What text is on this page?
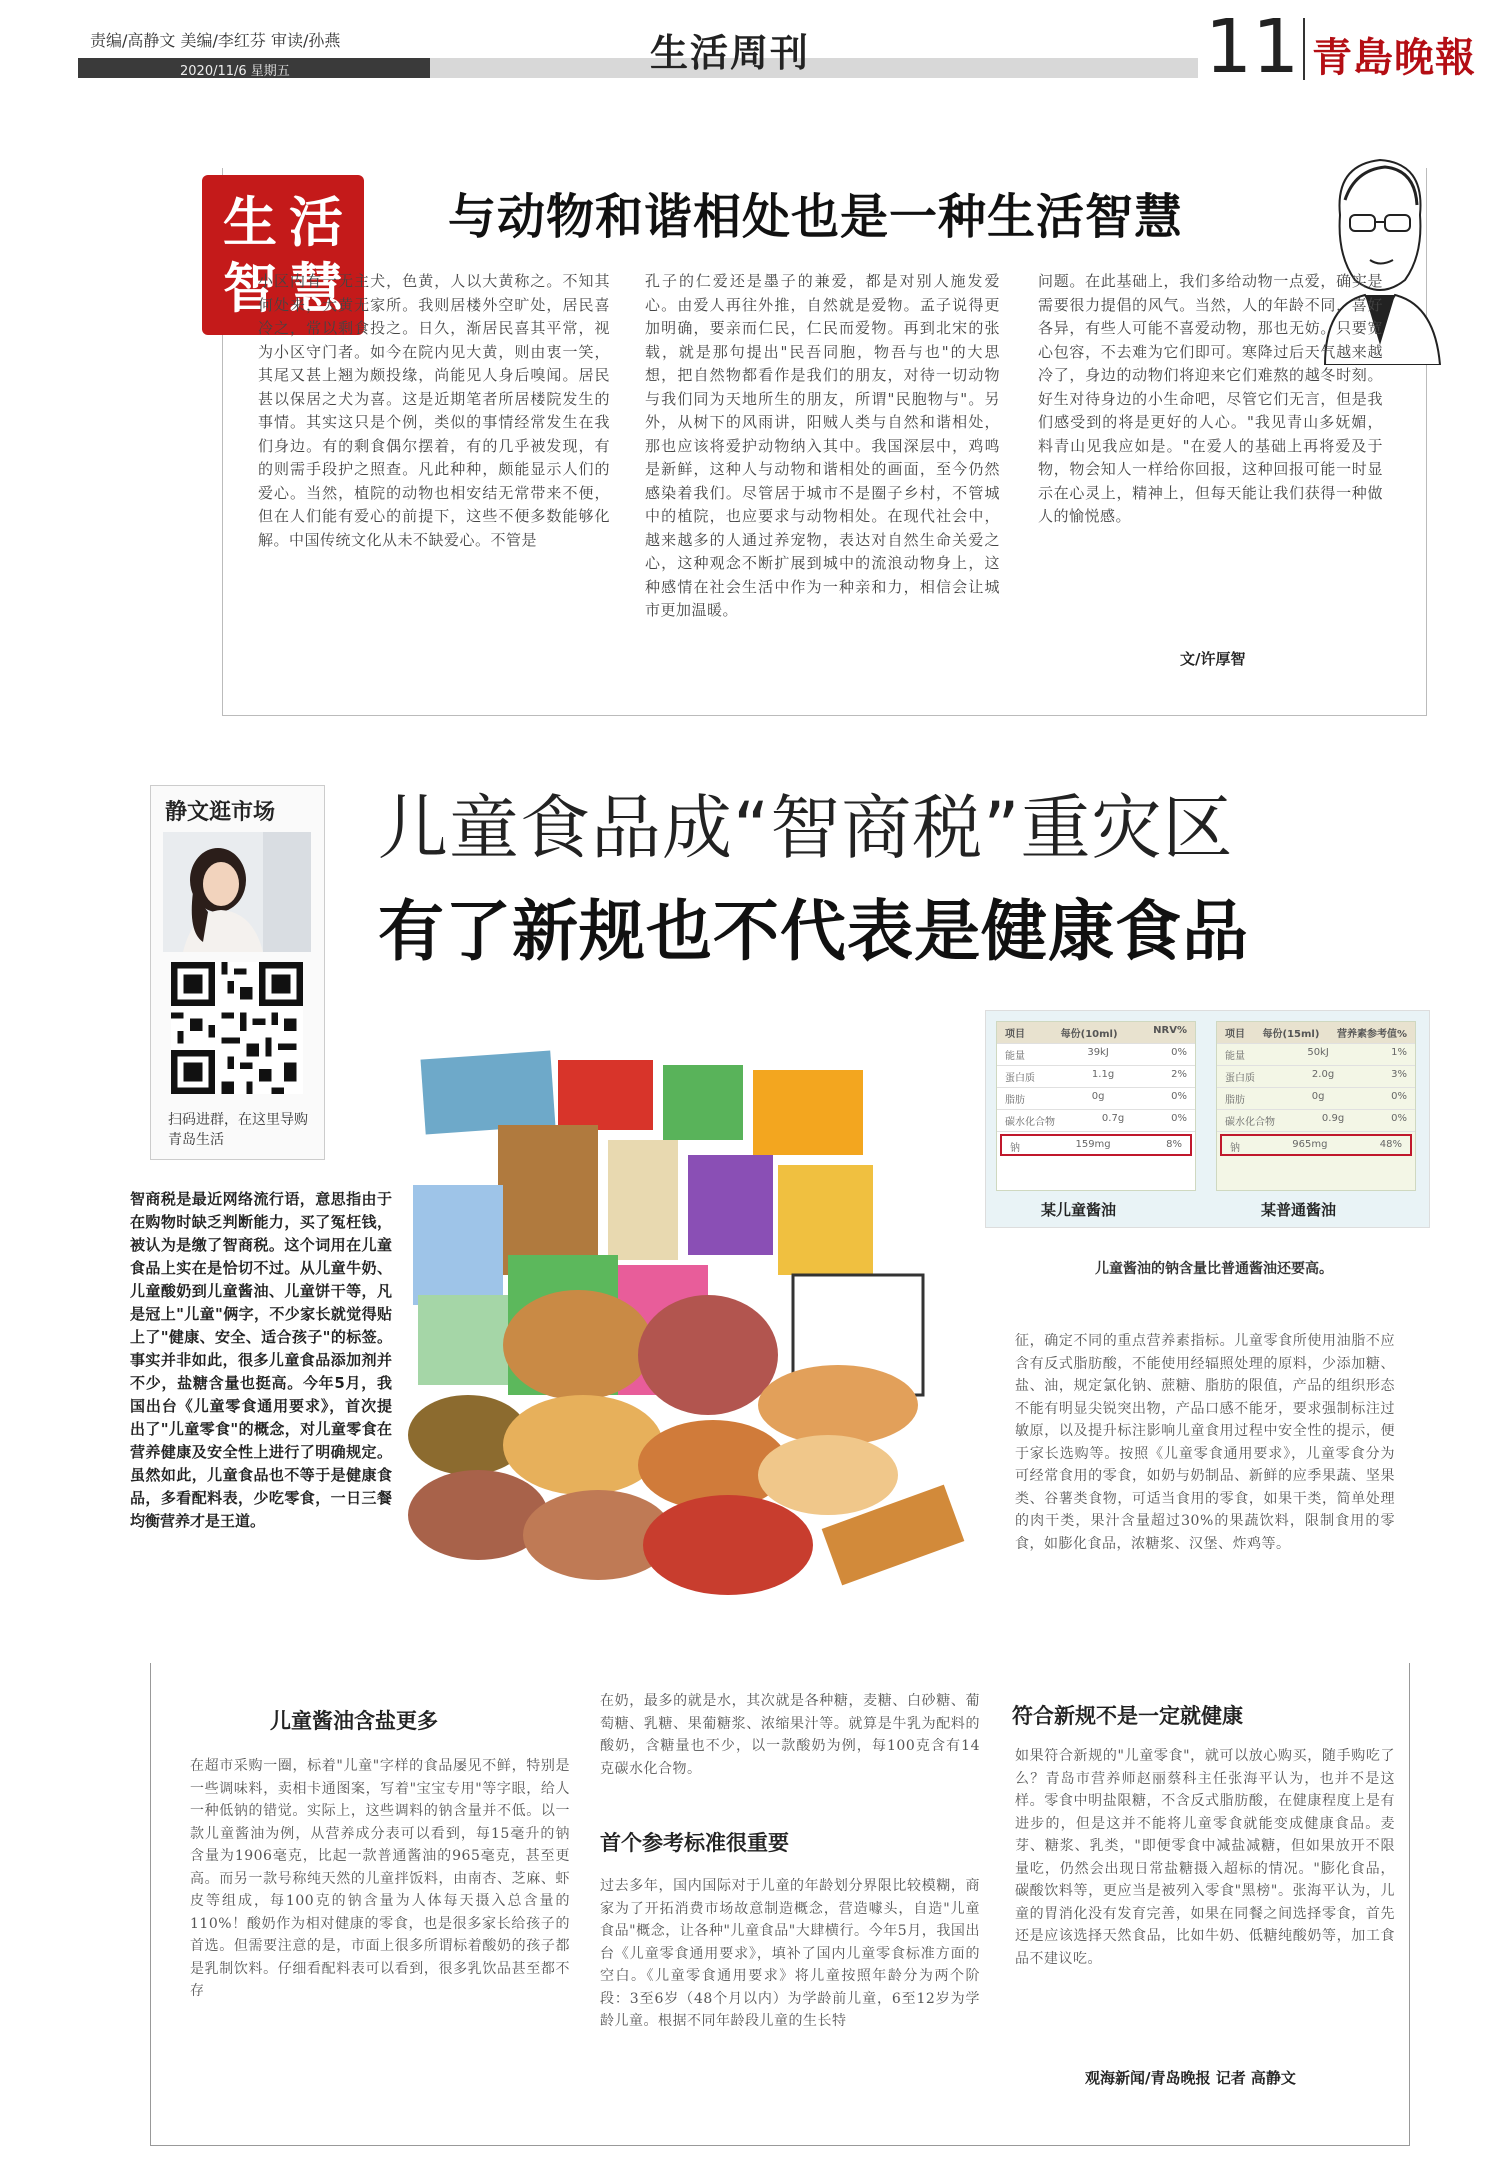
责编/高静文 美编/李红芬 审读/孙燕
2020/11/6 星期五	生活周刊	11 青島晚報
生 活
智 慧
与动物和谐相处也是一种生活智慧
小区内有一无主犬，色黄，人以大黄称之。不知其何处来，大黄无家所。我则居楼外空旷处，居民喜冷之，常以剩食投之。日久，渐居民喜其平常，视为小区守门者。如今在院内见大黄，则由衷一笑，其尾又甚上翘为颇投缘，尚能见人身后嗅闻。居民甚以保居之犬为喜。这是近期笔者所居楼院发生的事情。其实这只是个例，类似的事情经常发生在我们身边。有的剩食偶尔摆着，有的几乎被发现，有的则需手段护之照查。凡此种种，颇能显示人们的爱心。当然，植院的动物也相安结无常带来不便，但在人们能有爱心的前提下，这些不便多数能够化解。中国传统文化从未不缺爱心。不管是
孔子的仁爱还是墨子的兼爱，都是对别人施发爱心。由爱人再往外推，自然就是爱物。孟子说得更加明确，要亲而仁民，仁民而爱物。再到北宋的张载，就是那句提出"民吾同胞，物吾与也"的大思想，把自然物都看作是我们的朋友，对待一切动物与我们同为天地所生的朋友，所谓"民胞物与"。另外，从树下的风雨讲，阳贼人类与自然和谐相处，那也应该将爱护动物纳入其中。我国深层中，鸡鸣是新鲜，这种人与动物和谐相处的画面，至今仍然感染着我们。尽管居于城市不是圈子乡村，不管城中的植院，也应要求与动物相处。在现代社会中，越来越多的人通过养宠物，表达对自然生命关爱之心，这种观念不断扩展到城中的流浪动物身上，这种感情在社会生活中作为一种亲和力，相信会让城市更加温暖。
问题。在此基础上，我们多给动物一点爱，确实是需要很力提倡的风气。当然，人的年龄不同，喜好各异，有些人可能不喜爱动物，那也无妨。只要宽心包容，不去难为它们即可。寒降过后天气越来越冷了，身边的动物们将迎来它们难熬的越冬时刻。好生对待身边的小生命吧，尽管它们无言，但是我们感受到的将是更好的人心。"我见青山多妩媚，料青山见我应如是。"在爱人的基础上再将爱及于物，物会知人一样给你回报，这种回报可能一时显示在心灵上，精神上，但每天能让我们获得一种做人的愉悦感。
文/许厚智
静文逛市场
扫码进群，在这里导购青岛生活
儿童食品成“智商税”重灾区
有了新规也不代表是健康食品
智商税是最近网络流行语，意思指由于在购物时缺乏判断能力，买了冤枉钱，被认为是缴了智商税。这个词用在儿童食品上实在是恰切不过。从儿童牛奶、儿童酸奶到儿童酱油、儿童饼干等，凡是冠上"儿童"俩字，不少家长就觉得贴上了"健康、安全、适合孩子"的标签。事实并非如此，很多儿童食品添加剂并不少，盐糖含量也挺高。今年5月，我国出台《儿童零食通用要求》，首次提出了"儿童零食"的概念，对儿童零食在营养健康及安全性上进行了明确规定。虽然如此，儿童食品也不等于是健康食品，多看配料表，少吃零食，一日三餐均衡营养才是王道。
项目	每份(10ml)	NRV%
能量	39kJ	0%
蛋白质	1.1g	2%
脂肪	0g	0%
碳水化合物	0.7g	0%
钠	159mg	8%
项目 每份(15ml) 营养素参考值%
能量	50kJ	1%
蛋白质	2.0g	3%
脂肪	0g	0%
碳水化合物	0.9g	0%
钠	965mg	48%
某儿童酱油	某普通酱油
儿童酱油的钠含量比普通酱油还要高。
征，确定不同的重点营养素指标。儿童零食所使用油脂不应含有反式脂肪酸，不能使用经辐照处理的原料，少添加糖、盐、油，规定氯化钠、蔗糖、脂肪的限值，产品的组织形态不能有明显尖锐突出物，产品口感不能牙，要求强制标注过敏原，以及提升标注影响儿童食用过程中安全性的提示，便于家长选购等。按照《儿童零食通用要求》，儿童零食分为可经常食用的零食，如奶与奶制品、新鲜的应季果蔬、坚果类、谷薯类食物，可适当食用的零食，如果干类，简单处理的肉干类，果汁含量超过30%的果蔬饮料，限制食用的零食，如膨化食品，浓糖浆、汉堡、炸鸡等。
儿童酱油含盐更多
在超市采购一圈，标着"儿童"字样的食品屡见不鲜，特别是一些调味料，卖相卡通图案，写着"宝宝专用"等字眼，给人一种低钠的错觉。实际上，这些调料的钠含量并不低。以一款儿童酱油为例，从营养成分表可以看到，每15毫升的钠含量为1906毫克，比起一款普通酱油的965毫克，甚至更高。而另一款号称纯天然的儿童拌饭料，由南杏、芝麻、虾皮等组成，每100克的钠含量为人体每天摄入总含量的110%！酸奶作为相对健康的零食，也是很多家长给孩子的首选。但需要注意的是，市面上很多所谓标着酸奶的孩子都是乳制饮料。仔细看配料表可以看到，很多乳饮品甚至都不存
在奶，最多的就是水，其次就是各种糖，麦糖、白砂糖、葡萄糖、乳糖、果葡糖浆、浓缩果汁等。就算是牛乳为配料的酸奶，含糖量也不少，以一款酸奶为例，每100克含有14克碳水化合物。
首个参考标准很重要
过去多年，国内国际对于儿童的年龄划分界限比较模糊，商家为了开拓消费市场故意制造概念，营造噱头，自造"儿童食品"概念，让各种"儿童食品"大肆横行。今年5月，我国出台《儿童零食通用要求》，填补了国内儿童零食标准方面的空白。《儿童零食通用要求》将儿童按照年龄分为两个阶段：3至6岁（48个月以内）为学龄前儿童，6至12岁为学龄儿童。根据不同年龄段儿童的生长特
符合新规不是一定就健康
如果符合新规的"儿童零食"，就可以放心购买，随手购吃了么？青岛市营养师赵丽蔡科主任张海平认为，也并不是这样。零食中明盐限糖，不含反式脂肪酸，在健康程度上是有进步的，但是这并不能将儿童零食就能变成健康食品。麦芽、糖浆、乳类，"即便零食中减盐减糖，但如果放开不限量吃，仍然会出现日常盐糖摄入超标的情况。"膨化食品，碳酸饮料等，更应当是被列入零食"黑榜"。张海平认为，儿童的胃消化没有发育完善，如果在同餐之间选择零食，首先还是应该选择天然食品，比如牛奶、低糖纯酸奶等，加工食品不建议吃。
观海新闻/青岛晚报 记者 高静文
